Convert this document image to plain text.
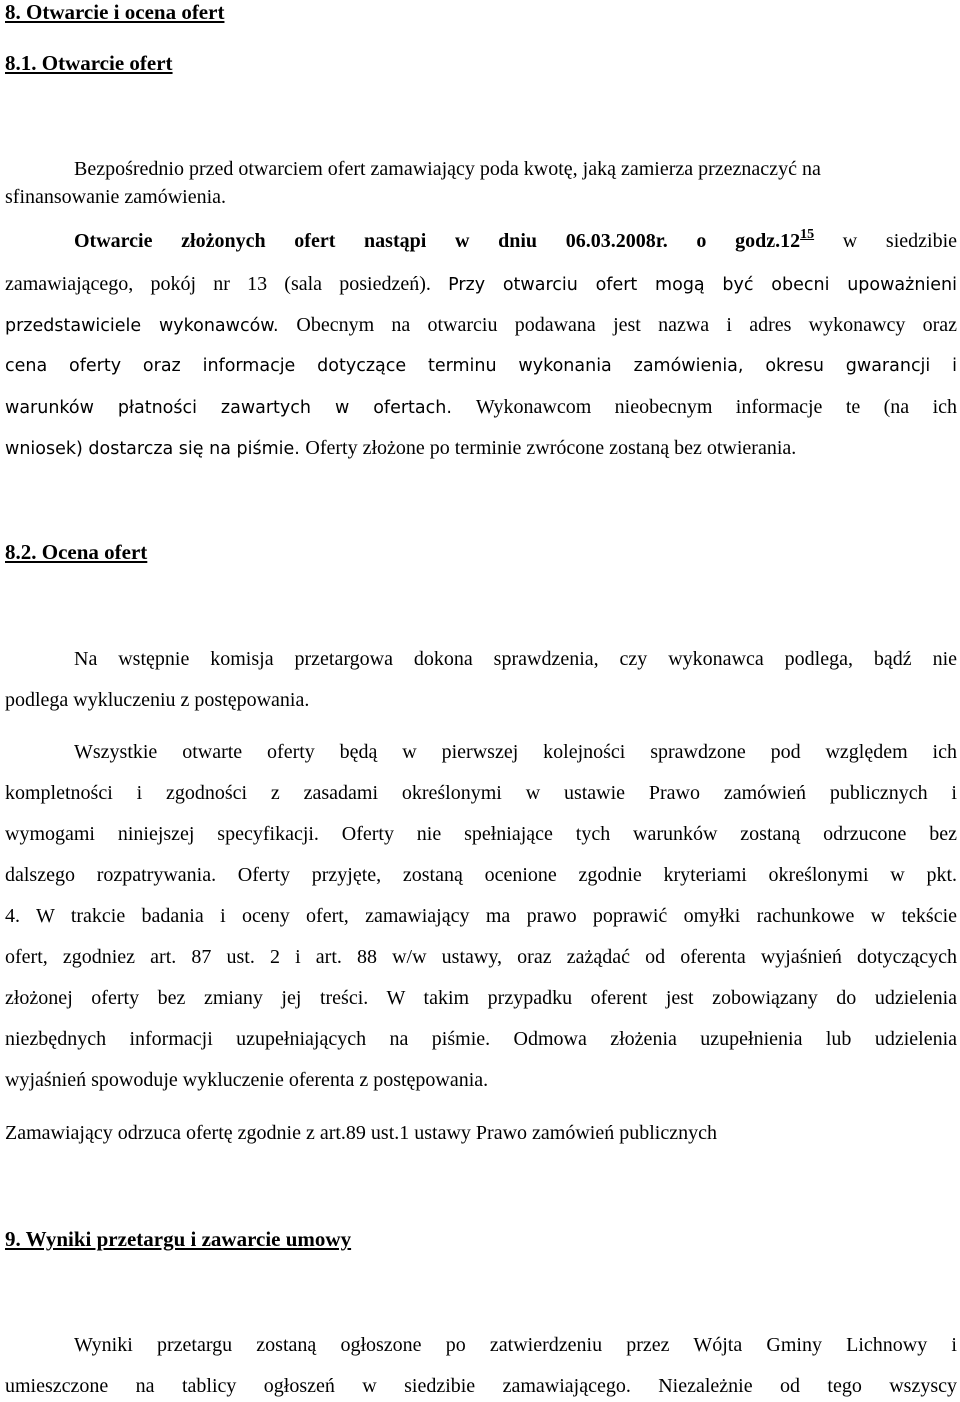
8. Otwarcie i ocena ofert
8.1. Otwarcie ofert
Bezpośrednio przed otwarciem ofert zamawiający poda kwotę, jaką zamierza przeznaczyć na
sfinansowanie zamówienia.
Otwarcie złożonych ofert nastąpi w dniu 06.03.2008r. o $godz.12^{15}$ w siedzibie
zamawiającego, pokój nr 13 (sala posiedzeń). Przy otwarciu ofert mogą być obecni upoważnieni
przedstawiciele wykonawców. Obecnym na otwarciu podawana jest nazwa i adres wykonawcy oraz
cena oferty oraz informacje dotyczące terminu wykonania zamówienia, okresu gwarancji i
warunków płatności zawartych w ofertach. Wykonawcom nieobecnym informacje te (na ich
wniosek) dostarcza się na piśmie. Oferty złożone po terminie zwrócone zostaną bez otwierania.
8.2. Ocena ofert
Na wstępnie komisja przetargowa dokona sprawdzenia, czy wykonawca podlega, bądź nie
podlega wykluczeniu z postępowania.
Wszystkie otwarte oferty będą w pierwszej kolejności sprawdzone pod względem ich
kompletności i zgodności z zasadami określonymi w ustawie Prawo zamówień publicznych i
wymogami niniejszej specyfikacji. Oferty nie spełniające tych warunków zostaną odrzucone bez
dalszego rozpatrywania. Oferty przyjęte, zostaną ocenione zgodnie kryteriami określonymi w pkt.
4. W trakcie badania i oceny ofert, zamawiający ma prawo poprawić omyłki rachunkowe w tekście
ofert, zgodniez art. 87 ust. 2 i art. 88 w/w ustawy, oraz zażądać od oferenta wyjaśnień dotyczących
złożonej oferty bez zmiany jej treści. W takim przypadku oferent jest zobowiązany do udzielenia
niezbędnych informacji uzupełniających na piśmie. Odmowa złożenia uzupełnienia lub udzielenia
wyjaśnień spowoduje wykluczenie oferenta z postępowania.
Zamawiający odrzuca ofertę zgodnie z art.89 ust.1 ustawy Prawo zamówień publicznych
9. Wyniki przetargu i zawarcie umowy
Wyniki przetargu zostaną ogłoszone po zatwierdzeniu przez Wójta Gminy Lichnowy i
umieszczone na tablicy ogłoszeń w siedzibie zamawiającego. Niezależnie od tego wszyscy
